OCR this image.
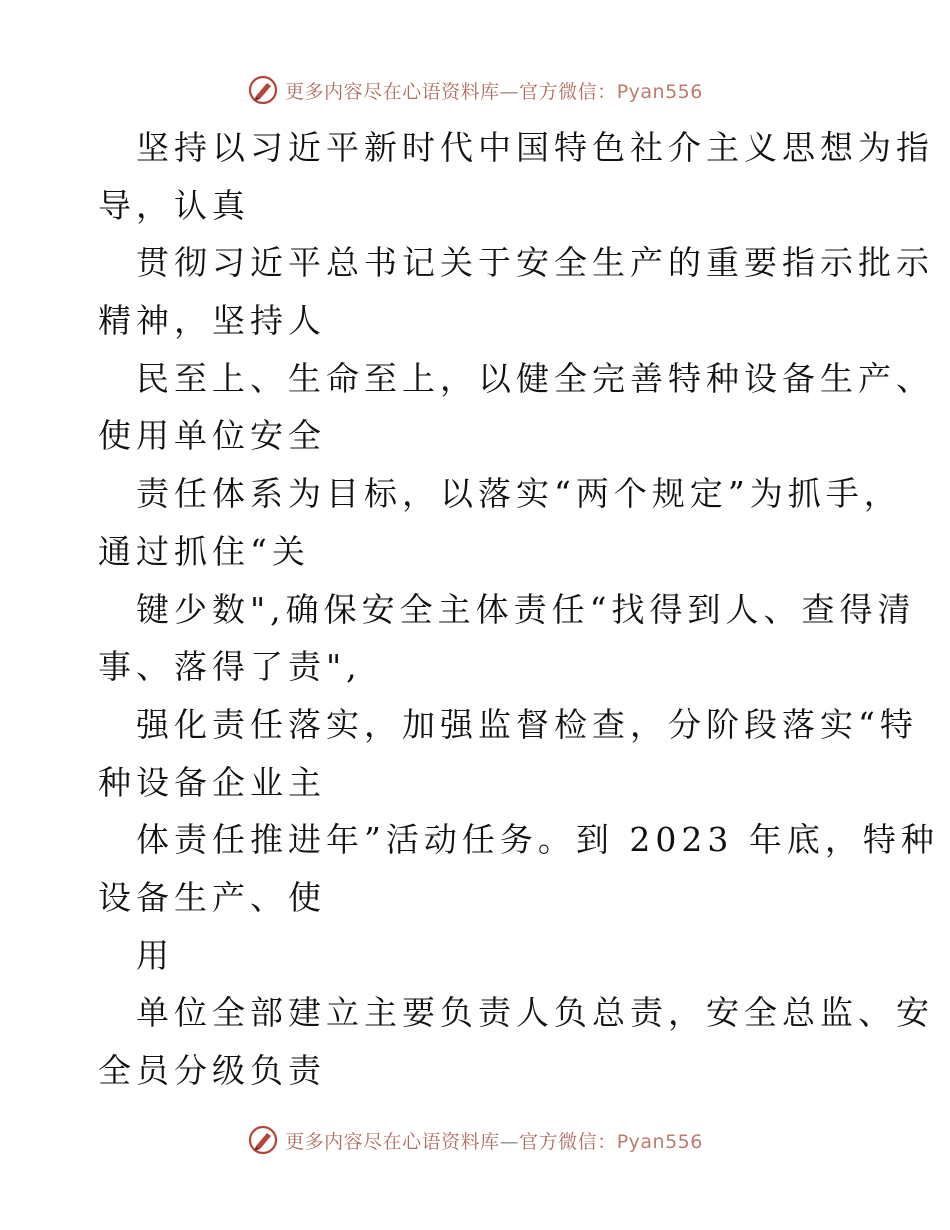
更多内容尽在心语资料库—官方微信：Pyan556
坚持以习近平新时代中国特色社介主义思想为指
导，认真
贯彻习近平总书记关于安全生产的重要指示批示
精神，坚持人
民至上、生命至上，以健全完善特种设备生产、
使用单位安全
责任体系为目标，以落实“两个规定”为抓手，
通过抓住“关
键少数",确保安全主体责任“找得到人、查得清
事、落得了责",
强化责任落实，加强监督检查，分阶段落实“特
种设备企业主
体责任推进年”活动任务。到 2023 年底，特种
设备生产、使
用
单位全部建立主要负责人负总责，安全总监、安
全员分级负责
更多内容尽在心语资料库—官方微信：Pyan556
